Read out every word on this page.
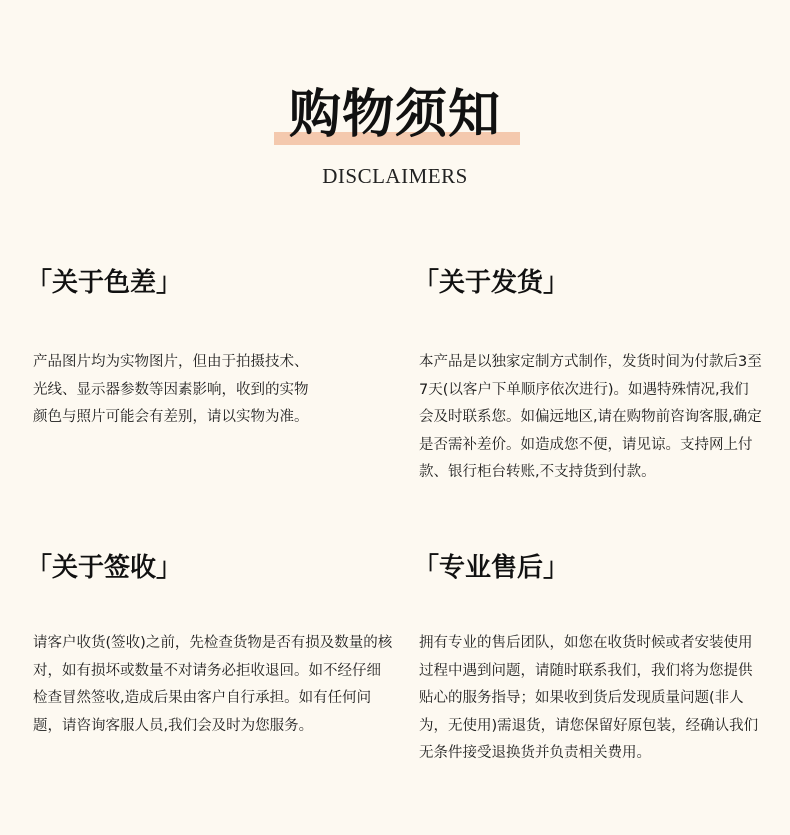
购物须知
DISCLAIMERS
「关于色差」
产品图片均为实物图片，但由于拍摄技术、光线、显示器参数等因素影响，收到的实物颜色与照片可能会有差别，请以实物为准。
「关于发货」
本产品是以独家定制方式制作，发货时间为付款后3至7天(以客户下单顺序依次进行)。如遇特殊情况,我们会及时联系您。如偏远地区,请在购物前咨询客服,确定是否需补差价。如造成您不便，请见谅。支持网上付款、银行柜台转账,不支持货到付款。
「关于签收」
请客户收货(签收)之前，先检查货物是否有损及数量的核对，如有损坏或数量不对请务必拒收退回。如不经仔细检查冒然签收,造成后果由客户自行承担。如有任何问题，请咨询客服人员,我们会及时为您服务。
「专业售后」
拥有专业的售后团队，如您在收货时候或者安装使用过程中遇到问题，请随时联系我们，我们将为您提供贴心的服务指导；如果收到货后发现质量问题(非人为，无使用)需退货，请您保留好原包装，经确认我们无条件接受退换货并负责相关费用。
